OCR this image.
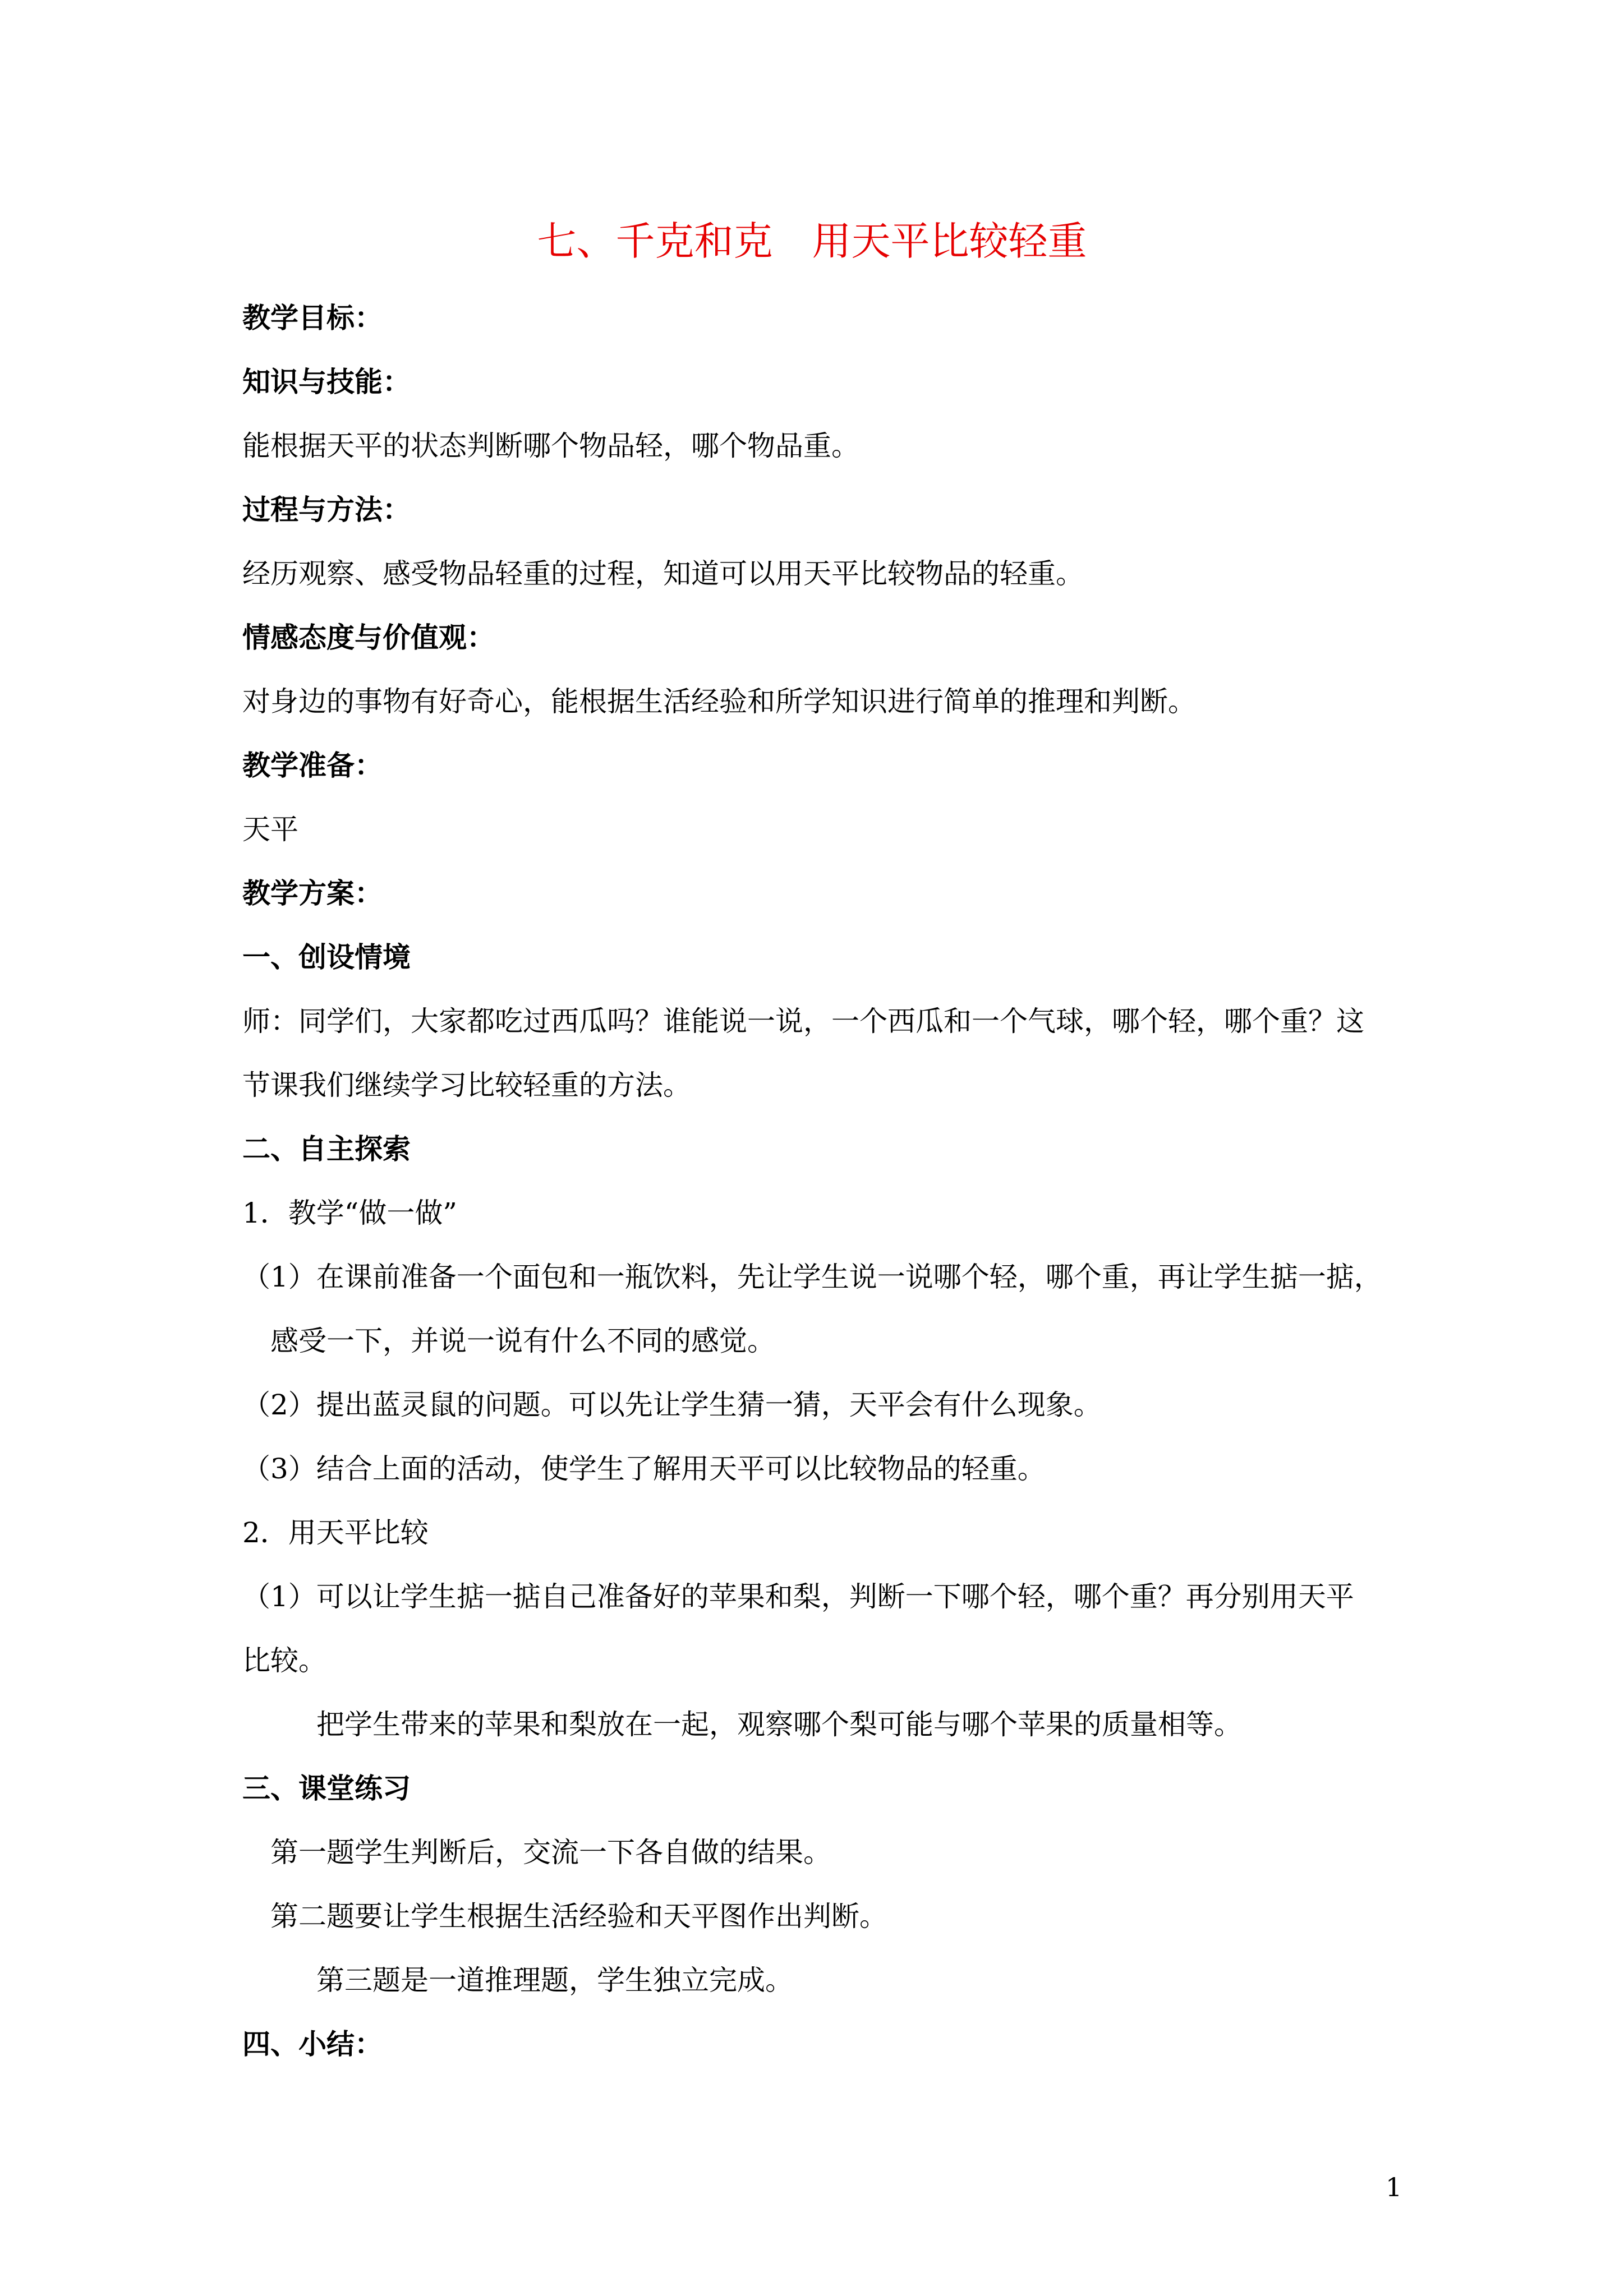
七、千克和克　用天平比较轻重
教学目标：
知识与技能：
能根据天平的状态判断哪个物品轻，哪个物品重。
过程与方法：
经历观察、感受物品轻重的过程，知道可以用天平比较物品的轻重。
情感态度与价值观：
对身边的事物有好奇心，能根据生活经验和所学知识进行简单的推理和判断。
教学准备：
天平
教学方案：
一、创设情境
师：同学们，大家都吃过西瓜吗？谁能说一说，一个西瓜和一个气球，哪个轻，哪个重？这
节课我们继续学习比较轻重的方法。
二、自主探索
1．教学“做一做”
（1）在课前准备一个面包和一瓶饮料，先让学生说一说哪个轻，哪个重，再让学生掂一掂，
感受一下，并说一说有什么不同的感觉。
（2）提出蓝灵鼠的问题。可以先让学生猜一猜，天平会有什么现象。
（3）结合上面的活动，使学生了解用天平可以比较物品的轻重。
2．用天平比较
（1）可以让学生掂一掂自己准备好的苹果和梨，判断一下哪个轻，哪个重？再分别用天平
比较。
把学生带来的苹果和梨放在一起，观察哪个梨可能与哪个苹果的质量相等。
三、课堂练习
第一题学生判断后，交流一下各自做的结果。
第二题要让学生根据生活经验和天平图作出判断。
第三题是一道推理题，学生独立完成。
四、小结：
1
